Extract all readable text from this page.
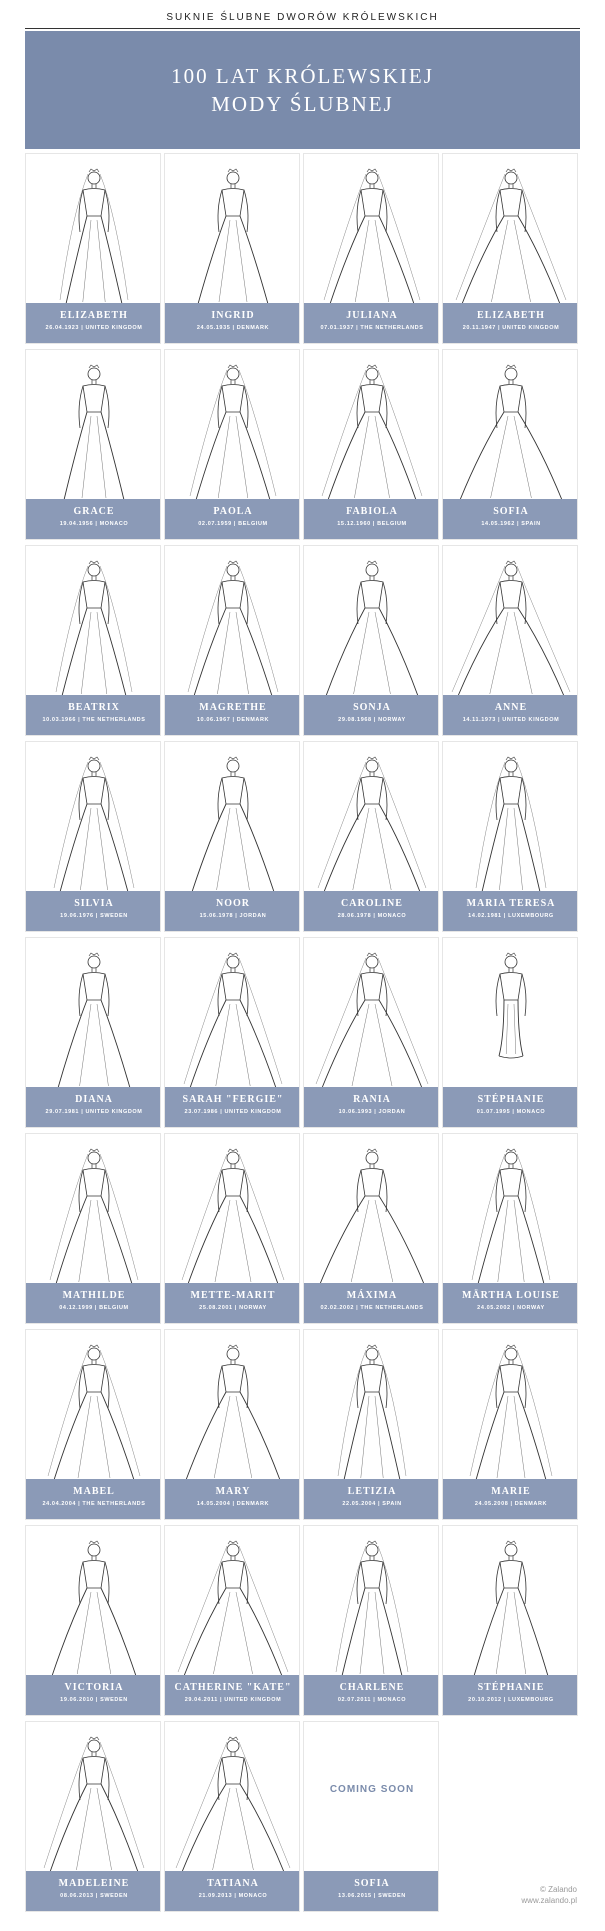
SUKNIE ŚLUBNE DWORÓW KRÓLEWSKICH
100 LAT KRÓLEWSKIEJ
MODY ŚLUBNEJ
ELIZABETH
26.04.1923 | UNITED KINGDOM
INGRID
24.05.1935 | DENMARK
JULIANA
07.01.1937 | THE NETHERLANDS
ELIZABETH
20.11.1947 | UNITED KINGDOM
GRACE
19.04.1956 | MONACO
PAOLA
02.07.1959 | BELGIUM
FABIOLA
15.12.1960 | BELGIUM
SOFIA
14.05.1962 | SPAIN
BEATRIX
10.03.1966 | THE NETHERLANDS
MAGRETHE
10.06.1967 | DENMARK
SONJA
29.08.1968 | NORWAY
ANNE
14.11.1973 | UNITED KINGDOM
SILVIA
19.06.1976 | SWEDEN
NOOR
15.06.1978 | JORDAN
CAROLINE
28.06.1978 | MONACO
MARIA TERESA
14.02.1981 | LUXEMBOURG
DIANA
29.07.1981 | UNITED KINGDOM
SARAH "FERGIE"
23.07.1986 | UNITED KINGDOM
RANIA
10.06.1993 | JORDAN
STÉPHANIE
01.07.1995 | MONACO
MATHILDE
04.12.1999 | BELGIUM
METTE-MARIT
25.08.2001 | NORWAY
MÁXIMA
02.02.2002 | THE NETHERLANDS
MÄRTHA LOUISE
24.05.2002 | NORWAY
MABEL
24.04.2004 | THE NETHERLANDS
MARY
14.05.2004 | DENMARK
LETIZIA
22.05.2004 | SPAIN
MARIE
24.05.2008 | DENMARK
VICTORIA
19.06.2010 | SWEDEN
CATHERINE "KATE"
29.04.2011 | UNITED KINGDOM
CHARLENE
02.07.2011 | MONACO
STÉPHANIE
20.10.2012 | LUXEMBOURG
MADELEINE
08.06.2013 | SWEDEN
TATIANA
21.09.2013 | MONACO
COMING SOON
SOFIA
13.06.2015 | SWEDEN
© Zalando
www.zalando.pl
